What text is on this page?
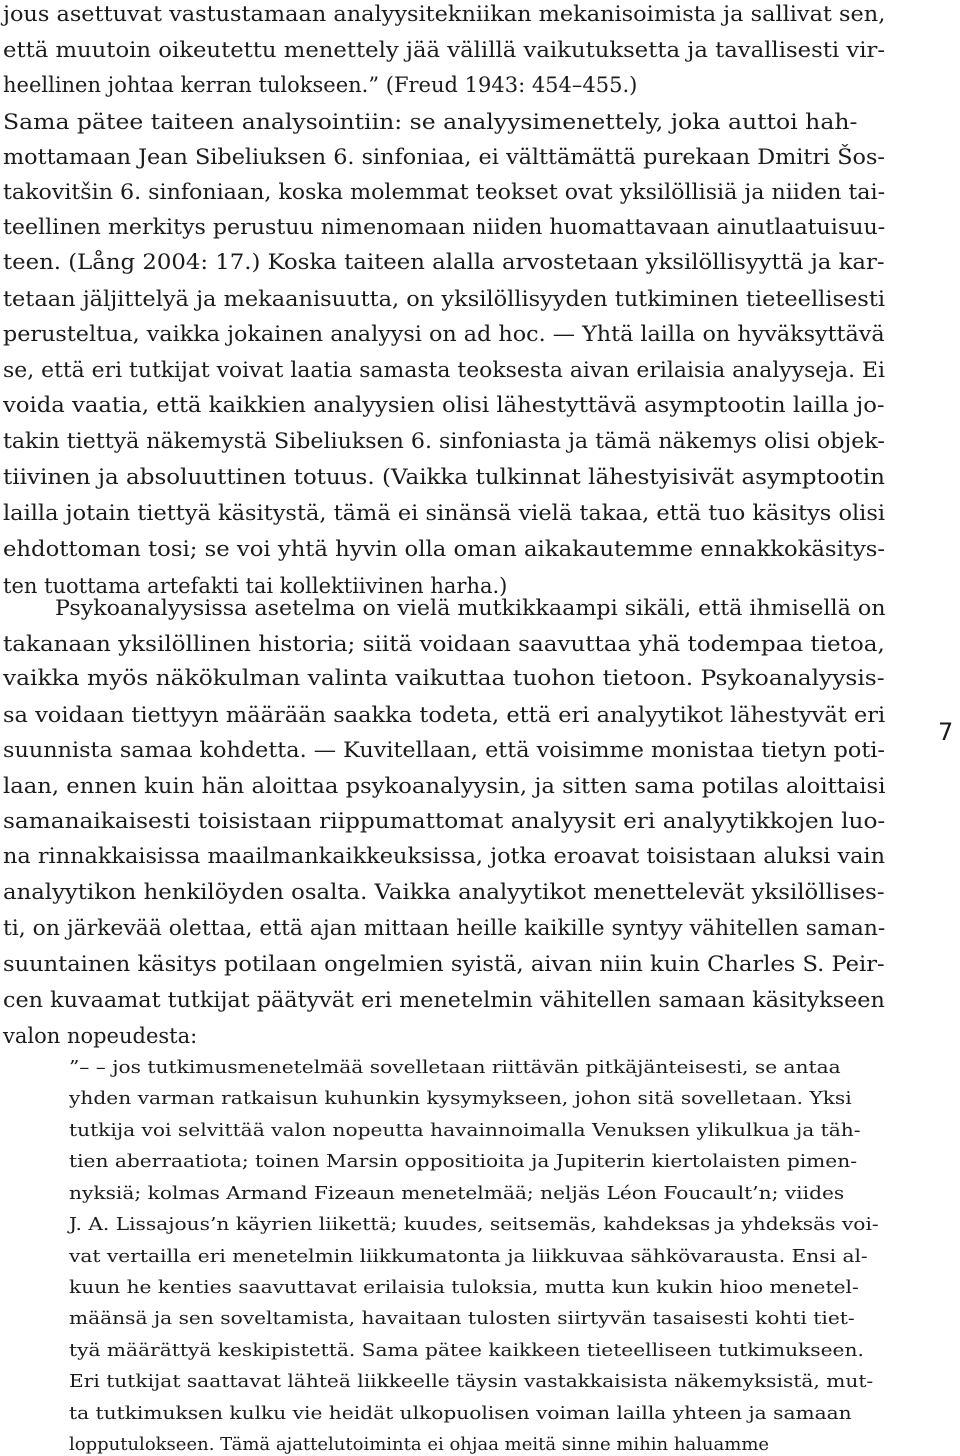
jous asettuvat vastustamaan analyysitekniikan mekanisoimista ja sallivat sen,
että muutoin oikeutettu menettely jää välillä vaikutuksetta ja tavallisesti vir-
heellinen johtaa kerran tulokseen.” (Freud 1943: 454–455.)
Sama pätee taiteen analysointiin: se analyysimenettely, joka auttoi hah-
mottamaan Jean Sibeliuksen 6. sinfoniaa, ei välttämättä purekaan Dmitri Šos-
takovitšin 6. sinfoniaan, koska molemmat teokset ovat yksilöllisiä ja niiden tai-
teellinen merkitys perustuu nimenomaan niiden huomattavaan ainutlaatuisuu-
teen. (Lång 2004: 17.) Koska taiteen alalla arvostetaan yksilöllisyyttä ja kar-
tetaan jäljittelyä ja mekaanisuutta, on yksilöllisyyden tutkiminen tieteellisesti
perusteltua, vaikka jokainen analyysi on ad hoc. — Yhtä lailla on hyväksyttävä
se, että eri tutkijat voivat laatia samasta teoksesta aivan erilaisia analyyseja. Ei
voida vaatia, että kaikkien analyysien olisi lähestyttävä asymptootin lailla jo-
takin tiettyä näkemystä Sibeliuksen 6. sinfoniasta ja tämä näkemys olisi objek-
tiivinen ja absoluuttinen totuus. (Vaikka tulkinnat lähestyisivät asymptootin
lailla jotain tiettyä käsitystä, tämä ei sinänsä vielä takaa, että tuo käsitys olisi
ehdottoman tosi; se voi yhtä hyvin olla oman aikakautemme ennakkokäsitys-
ten tuottama artefakti tai kollektiivinen harha.)
Psykoanalyysissa asetelma on vielä mutkikkaampi sikäli, että ihmisellä on
takanaan yksilöllinen historia; siitä voidaan saavuttaa yhä todempaa tietoa,
vaikka myös näkökulman valinta vaikuttaa tuohon tietoon. Psykoanalyysis-
sa voidaan tiettyyn määrään saakka todeta, että eri analyytikot lähestyvät eri
suunnista samaa kohdetta. — Kuvitellaan, että voisimme monistaa tietyn poti-
laan, ennen kuin hän aloittaa psykoanalyysin, ja sitten sama potilas aloittaisi
samanaikaisesti toisistaan riippumattomat analyysit eri analyytikkojen luo-
na rinnakkaisissa maailmankaikkeuksissa, jotka eroavat toisistaan aluksi vain
analyytikon henkilöyden osalta. Vaikka analyytikot menettelevät yksilöllises-
ti, on järkevää olettaa, että ajan mittaan heille kaikille syntyy vähitellen saman-
suuntainen käsitys potilaan ongelmien syistä, aivan niin kuin Charles S. Peir-
cen kuvaamat tutkijat päätyvät eri menetelmin vähitellen samaan käsitykseen
valon nopeudesta:
”– – jos tutkimusmenetelmää sovelletaan riittävän pitkäjänteisesti, se antaa
yhden varman ratkaisun kuhunkin kysymykseen, johon sitä sovelletaan. Yksi
tutkija voi selvittää valon nopeutta havainnoimalla Venuksen ylikulkua ja täh-
tien aberraatiota; toinen Marsin oppositioita ja Jupiterin kiertolaisten pimen-
nyksiä; kolmas Armand Fizeaun menetelmää; neljäs Léon Foucault’n; viides
J. A. Lissajous’n käyrien liikettä; kuudes, seitsemäs, kahdeksas ja yhdeksäs voi-
vat vertailla eri menetelmin liikkumatonta ja liikkuvaa sähkövarausta. Ensi al-
kuun he kenties saavuttavat erilaisia tuloksia, mutta kun kukin hioo menetel-
määnsä ja sen soveltamista, havaitaan tulosten siirtyvän tasaisesti kohti tiet-
tyä määrättyä keskipistettä. Sama pätee kaikkeen tieteelliseen tutkimukseen.
Eri tutkijat saattavat lähteä liikkeelle täysin vastakkaisista näkemyksistä, mut-
ta tutkimuksen kulku vie heidät ulkopuolisen voiman lailla yhteen ja samaan
lopputulokseen. Tämä ajattelutoiminta ei ohjaa meitä sinne mihin haluamme
7
